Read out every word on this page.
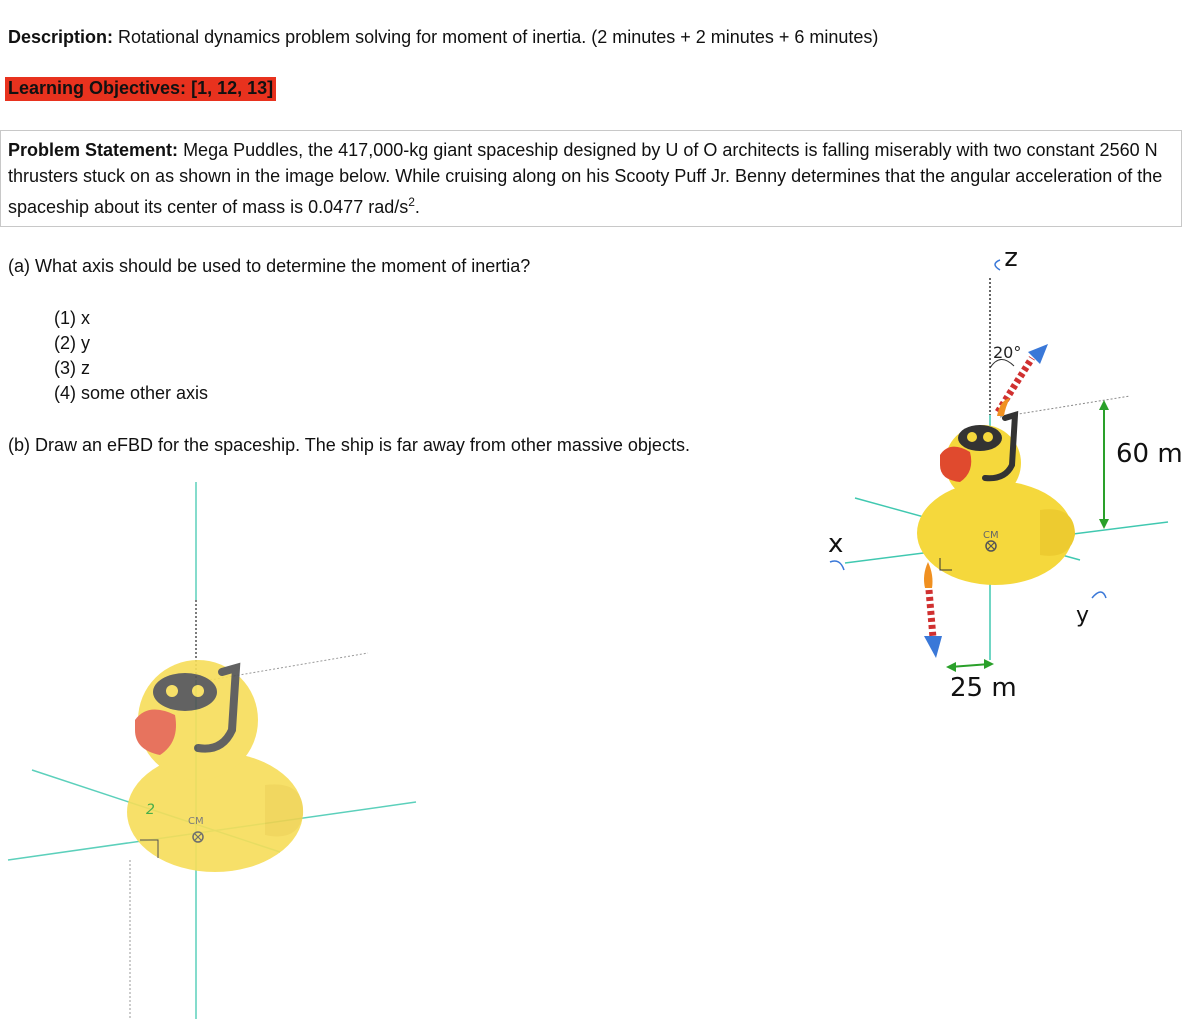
Description: Rotational dynamics problem solving for moment of inertia. (2 minutes + 2 minutes + 6 minutes)
Learning Objectives: [1, 12, 13]
Problem Statement: Mega Puddles, the 417,000-kg giant spaceship designed by U of O architects is falling miserably with two constant 2560 N thrusters stuck on as shown in the image below. While cruising along on his Scooty Puff Jr. Benny determines that the angular acceleration of the spaceship about its center of mass is 0.0477 rad/$s^2$.
(a) What axis should be used to determine the moment of inertia?
(1) x
(2) y
(3) z
(4) some other axis
(b) Draw an eFBD for the spaceship. The ship is far away from other massive objects.
CM
20°
60 m
25 m
z
x
y
CM
2
